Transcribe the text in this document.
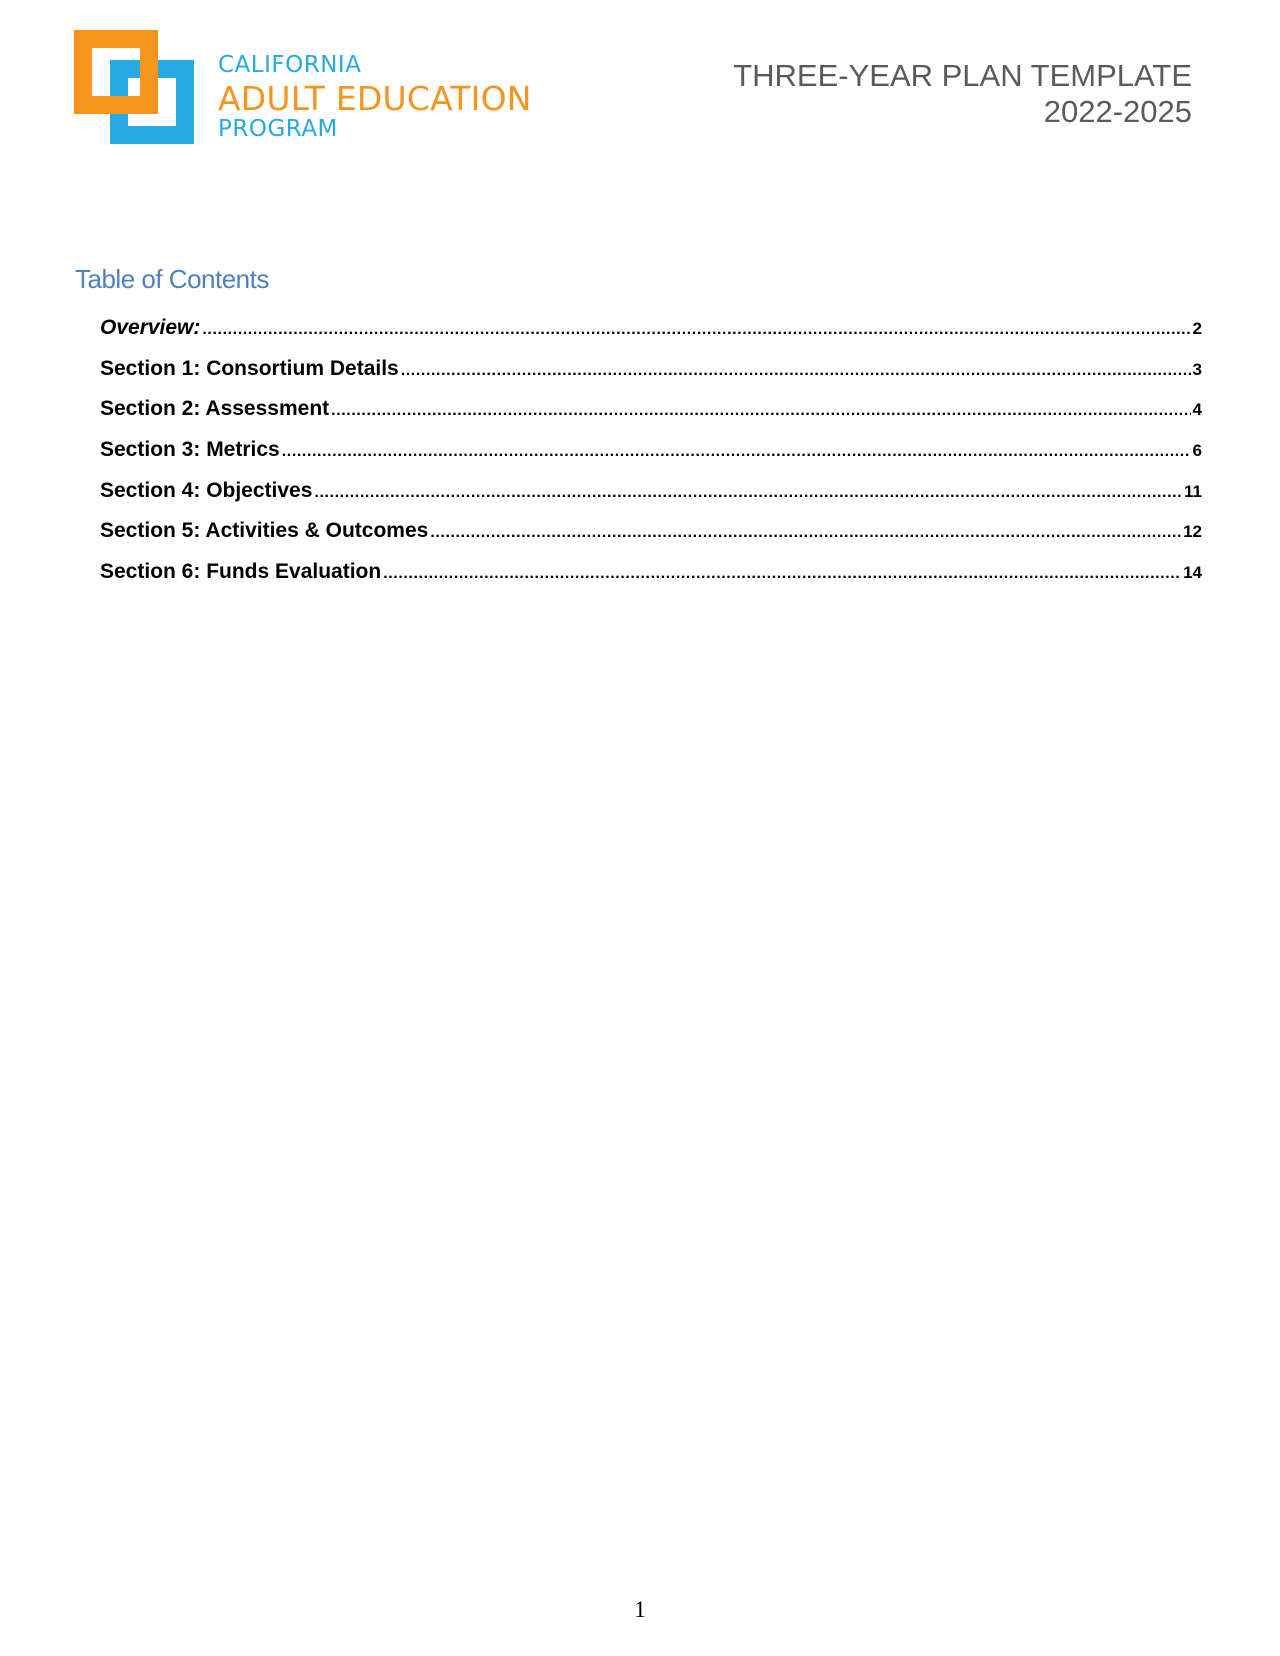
CALIFORNIA
ADULT EDUCATION
PROGRAM
THREE-YEAR PLAN TEMPLATE
2022-2025
Table of Contents
Overview: .....	2
Section 1: Consortium Details .....	3
Section 2: Assessment .....	4
Section 3: Metrics .....	6
Section 4: Objectives .....	11
Section 5: Activities & Outcomes .....	12
Section 6: Funds Evaluation .....	14
1
